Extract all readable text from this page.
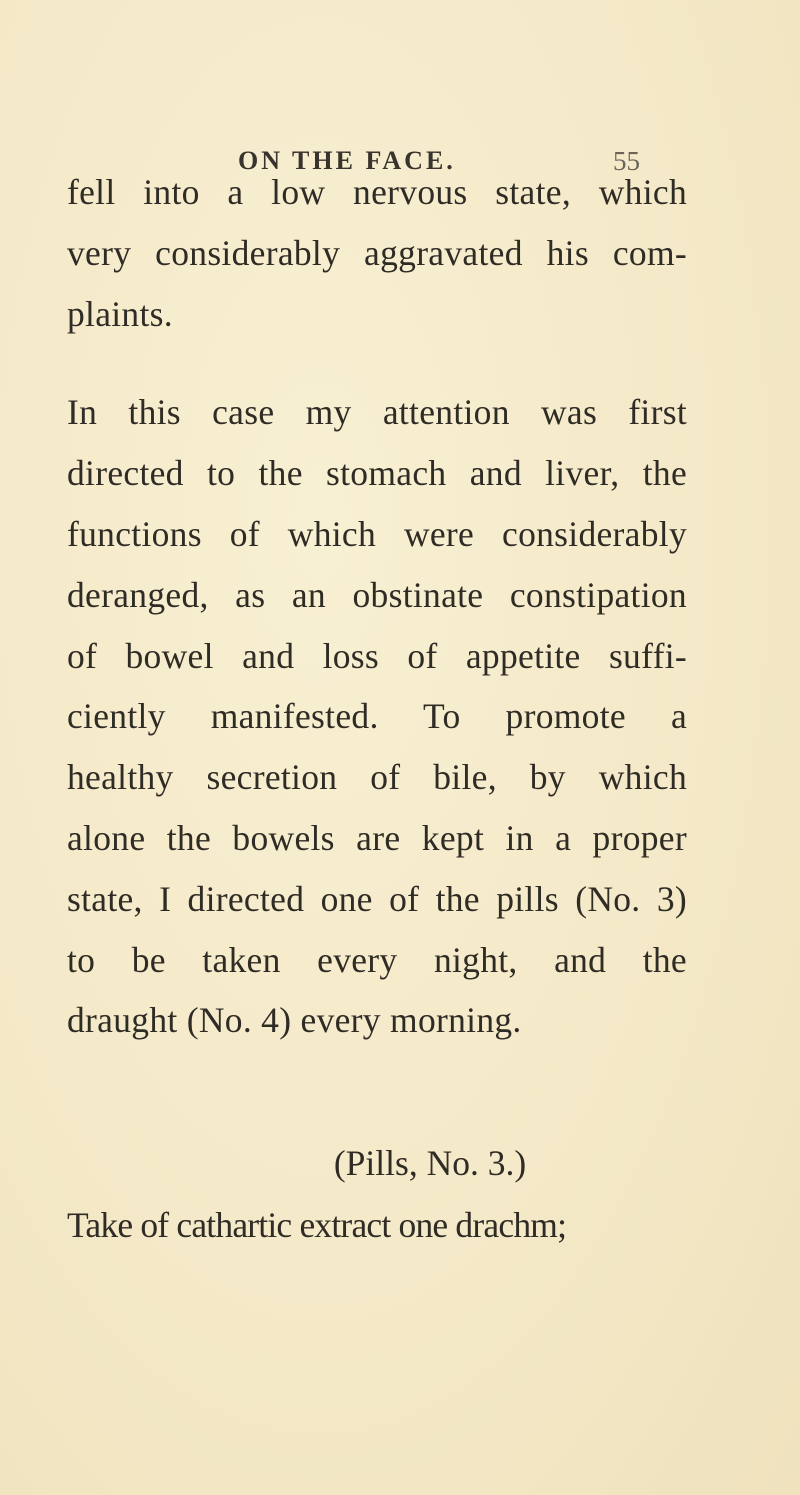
ON THE FACE.	55
fell into a low nervous state, which
very considerably aggravated his com-
plaints.
In this case my attention was first
directed to the stomach and liver, the
functions of which were considerably
deranged, as an obstinate constipation
of bowel and loss of appetite suffi-
ciently manifested. To promote a
healthy secretion of bile, by which
alone the bowels are kept in a proper
state, I directed one of the pills (No. 3)
to be taken every night, and the
draught (No. 4) every morning.
(Pills, No. 3.)
Take of cathartic extract one drachm;
